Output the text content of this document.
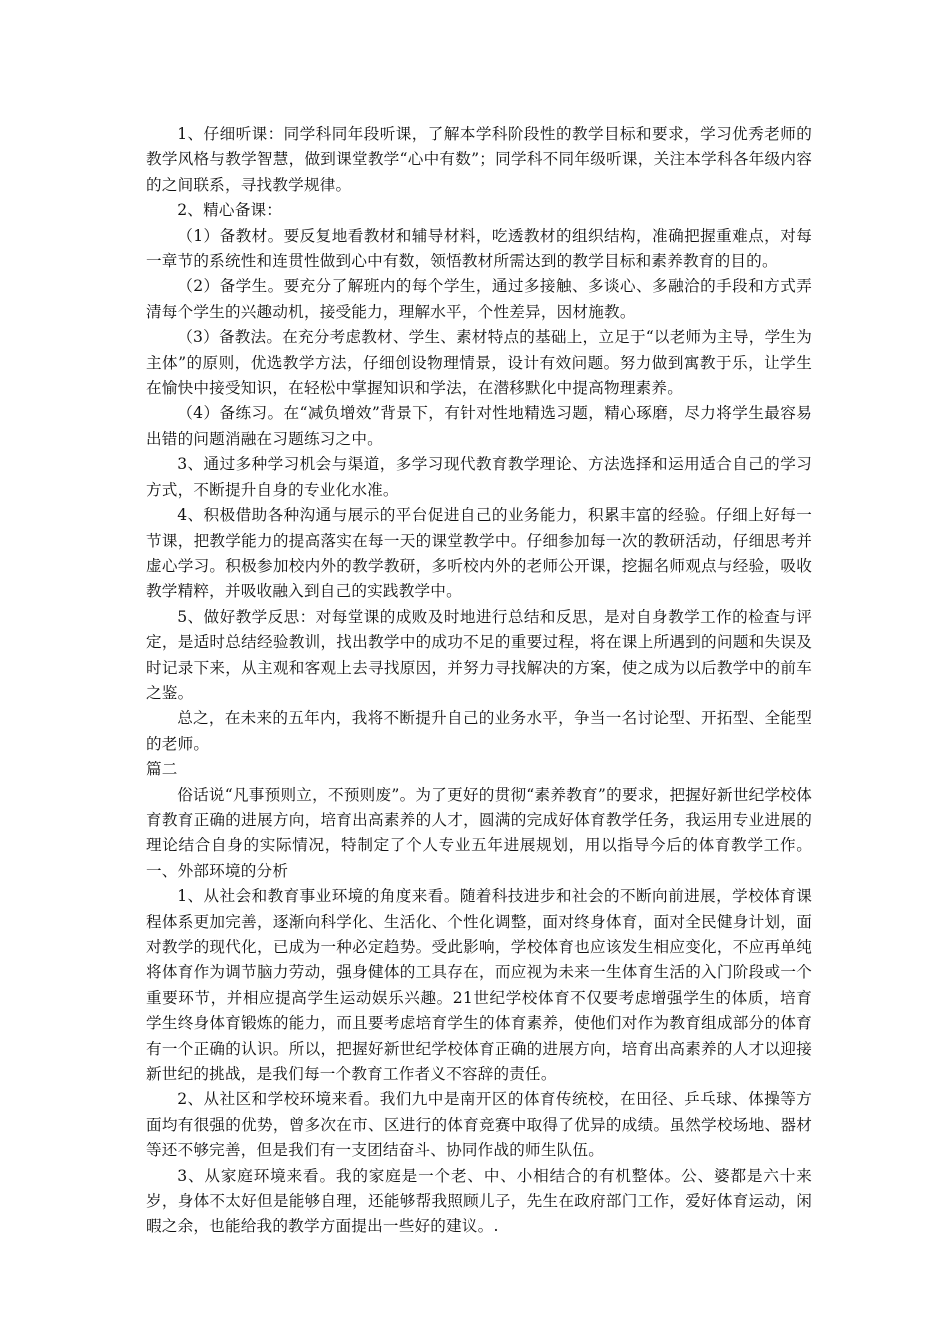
1、仔细听课：同学科同年段听课，了解本学科阶段性的教学目标和要求，学习优秀老师的教学风格与教学智慧，做到课堂教学“心中有数”；同学科不同年级听课，关注本学科各年级内容的之间联系，寻找教学规律。

2、精心备课：

（1）备教材。要反复地看教材和辅导材料，吃透教材的组织结构，准确把握重难点，对每一章节的系统性和连贯性做到心中有数，领悟教材所需达到的教学目标和素养教育的目的。

（2）备学生。要充分了解班内的每个学生，通过多接触、多谈心、多融洽的手段和方式弄清每个学生的兴趣动机，接受能力，理解水平，个性差异，因材施教。

（3）备教法。在充分考虑教材、学生、素材特点的基础上，立足于“以老师为主导，学生为主体”的原则，优选教学方法，仔细创设物理情景，设计有效问题。努力做到寓教于乐，让学生在愉快中接受知识，在轻松中掌握知识和学法，在潜移默化中提高物理素养。

（4）备练习。在“减负增效”背景下，有针对性地精选习题，精心琢磨，尽力将学生最容易出错的问题消融在习题练习之中。

3、通过多种学习机会与渠道，多学习现代教育教学理论、方法选择和运用适合自己的学习方式，不断提升自身的专业化水准。

4、积极借助各种沟通与展示的平台促进自己的业务能力，积累丰富的经验。仔细上好每一节课，把教学能力的提高落实在每一天的课堂教学中。仔细参加每一次的教研活动，仔细思考并虚心学习。积极参加校内外的教学教研，多听校内外的老师公开课，挖掘名师观点与经验，吸收教学精粹，并吸收融入到自己的实践教学中。

5、做好教学反思：对每堂课的成败及时地进行总结和反思，是对自身教学工作的检查与评定，是适时总结经验教训，找出教学中的成功不足的重要过程，将在课上所遇到的问题和失误及时记录下来，从主观和客观上去寻找原因，并努力寻找解决的方案，使之成为以后教学中的前车之鉴。

总之，在未来的五年内，我将不断提升自己的业务水平，争当一名讨论型、开拓型、全能型的老师。

篇二

俗话说“凡事预则立，不预则废”。为了更好的贯彻“素养教育”的要求，把握好新世纪学校体育教育正确的进展方向，培育出高素养的人才，圆满的完成好体育教学任务，我运用专业进展的理论结合自身的实际情况，特制定了个人专业五年进展规划，用以指导今后的体育教学工作。一、外部环境的分析

1、从社会和教育事业环境的角度来看。随着科技进步和社会的不断向前进展，学校体育课程体系更加完善，逐渐向科学化、生活化、个性化调整，面对终身体育，面对全民健身计划，面对教学的现代化，已成为一种必定趋势。受此影响，学校体育也应该发生相应变化，不应再单纯将体育作为调节脑力劳动，强身健体的工具存在，而应视为未来一生体育生活的入门阶段或一个重要环节，并相应提高学生运动娱乐兴趣。21世纪学校体育不仅要考虑增强学生的体质，培育学生终身体育锻炼的能力，而且要考虑培育学生的体育素养，使他们对作为教育组成部分的体育有一个正确的认识。所以，把握好新世纪学校体育正确的进展方向，培育出高素养的人才以迎接新世纪的挑战，是我们每一个教育工作者义不容辞的责任。

2、从社区和学校环境来看。我们九中是南开区的体育传统校，在田径、乒乓球、体操等方面均有很强的优势，曾多次在市、区进行的体育竞赛中取得了优异的成绩。虽然学校场地、器材等还不够完善，但是我们有一支团结奋斗、协同作战的师生队伍。

3、从家庭环境来看。我的家庭是一个老、中、小相结合的有机整体。公、婆都是六十来岁，身体不太好但是能够自理，还能够帮我照顾儿子，先生在政府部门工作，爱好体育运动，闲暇之余，也能给我的教学方面提出一些好的建议。.
